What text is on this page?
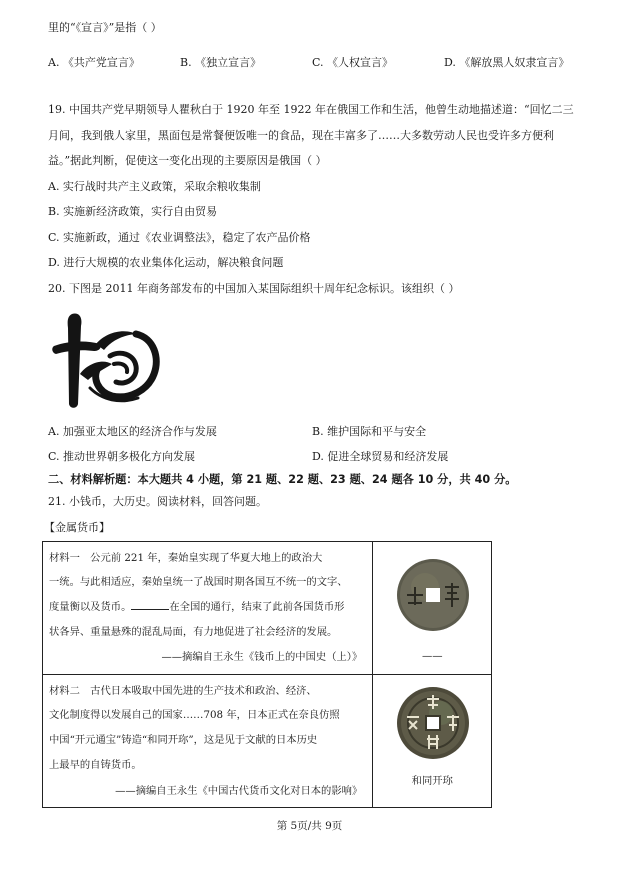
里的“《宣言》”是指（ ）
A. 《共产党宣言》	B. 《独立宣言》	C. 《人权宣言》	D. 《解放黑人奴隶宣言》
19. 中国共产党早期领导人瞿秋白于 1920 年至 1922 年在俄国工作和生活，他曾生动地描述道：“回忆二三
月间，我到俄人家里，黑面包是常餐便饭唯一的食品，现在丰富多了……大多数劳动人民也受许多方便利
益。”据此判断，促使这一变化出现的主要原因是俄国（ ）
A. 实行战时共产主义政策，采取余粮收集制
B. 实施新经济政策，实行自由贸易
C. 实施新政，通过《农业调整法》，稳定了农产品价格
D. 进行大规模的农业集体化运动，解决粮食问题
20. 下图是 2011 年商务部发布的中国加入某国际组织十周年纪念标识。该组织（ ）
A. 加强亚太地区的经济合作与发展	B. 维护国际和平与安全
C. 推动世界朝多极化方向发展	D. 促进全球贸易和经济发展
二、材料解析题：本大题共 4 小题，第 21 题、22 题、23 题、24 题各 10 分，共 40 分。
21. 小钱币，大历史。阅读材料，回答问题。
【金属货币】
材料一　公元前 221 年，秦始皇实现了华夏大地上的政治大
一统。与此相适应，秦始皇统一了战国时期各国互不统一的文字、
度量衡以及货币。 在全国的通行，结束了此前各国货币形
状各异、重量悬殊的混乱局面，有力地促进了社会经济的发展。
——摘编自王永生《钱币上的中国史（上）》	——

材料二　古代日本吸取中国先进的生产技术和政治、经济、
文化制度得以发展自己的国家……708 年，日本正式在奈良仿照
中国“开元通宝”铸造“和同开珎”，这是见于文献的日本历史
上最早的自铸货币。
——摘编自王永生《中国古代货币文化对日本的影响》	和同开珎
第 5页/共 9页
